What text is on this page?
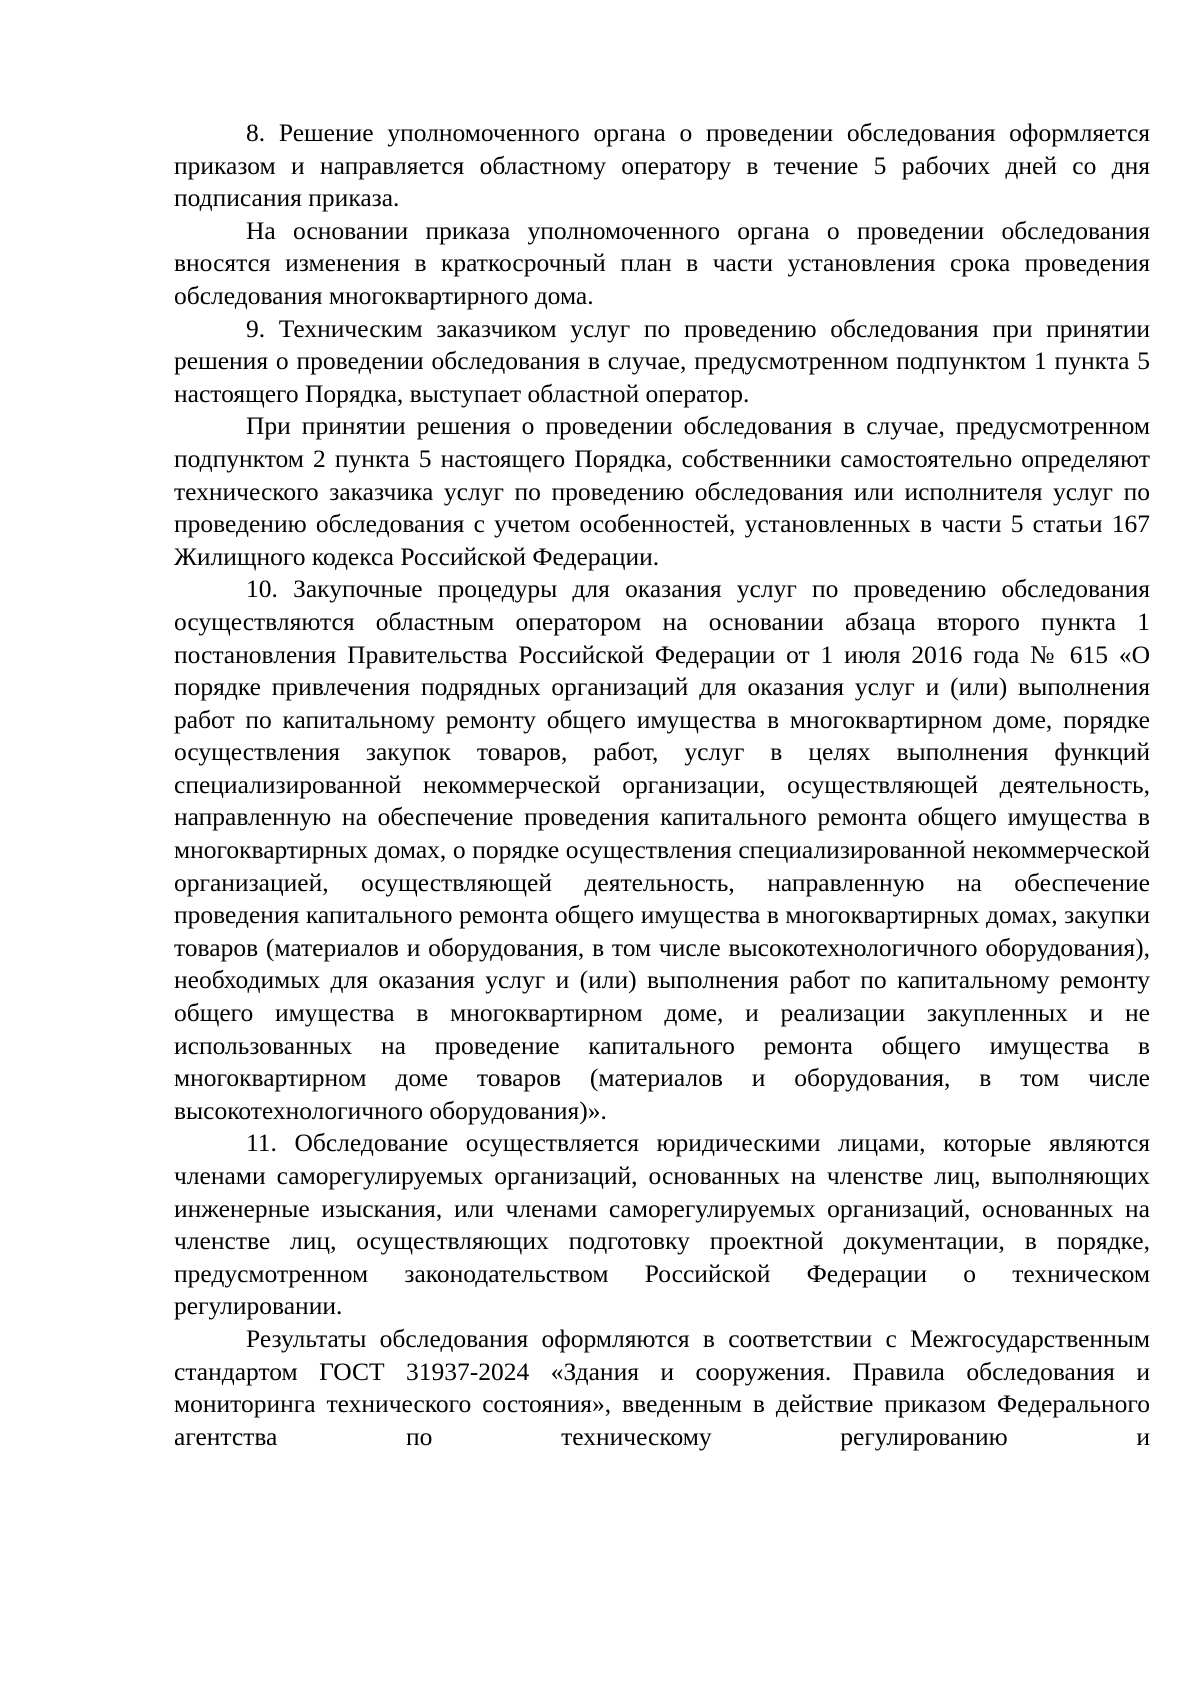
8. Решение уполномоченного органа о проведении обследования оформляется приказом и направляется областному оператору в течение 5 рабочих дней со дня подписания приказа.

На основании приказа уполномоченного органа о проведении обследования вносятся изменения в краткосрочный план в части установления срока проведения обследования многоквартирного дома.

9. Техническим заказчиком услуг по проведению обследования при принятии решения о проведении обследования в случае, предусмотренном подпунктом 1 пункта 5 настоящего Порядка, выступает областной оператор.

При принятии решения о проведении обследования в случае, предусмотренном подпунктом 2 пункта 5 настоящего Порядка, собственники самостоятельно определяют технического заказчика услуг по проведению обследования или исполнителя услуг по проведению обследования с учетом особенностей, установленных в части 5 статьи 167 Жилищного кодекса Российской Федерации.

10. Закупочные процедуры для оказания услуг по проведению обследования осуществляются областным оператором на основании абзаца второго пункта 1 постановления Правительства Российской Федерации от 1 июля 2016 года № 615 «О порядке привлечения подрядных организаций для оказания услуг и (или) выполнения работ по капитальному ремонту общего имущества в многоквартирном доме, порядке осуществления закупок товаров, работ, услуг в целях выполнения функций специализированной некоммерческой организации, осуществляющей деятельность, направленную на обеспечение проведения капитального ремонта общего имущества в многоквартирных домах, о порядке осуществления специализированной некоммерческой организацией, осуществляющей деятельность, направленную на обеспечение проведения капитального ремонта общего имущества в многоквартирных домах, закупки товаров (материалов и оборудования, в том числе высокотехнологичного оборудования), необходимых для оказания услуг и (или) выполнения работ по капитальному ремонту общего имущества в многоквартирном доме, и реализации закупленных и не использованных на проведение капитального ремонта общего имущества в многоквартирном доме товаров (материалов и оборудования, в том числе высокотехнологичного оборудования)».

11. Обследование осуществляется юридическими лицами, которые являются членами саморегулируемых организаций, основанных на членстве лиц, выполняющих инженерные изыскания, или членами саморегулируемых организаций, основанных на членстве лиц, осуществляющих подготовку проектной документации, в порядке, предусмотренном законодательством Российской Федерации о техническом регулировании.

Результаты обследования оформляются в соответствии с Межгосударственным стандартом ГОСТ 31937-2024 «Здания и сооружения. Правила обследования и мониторинга технического состояния», введенным в действие приказом Федерального агентства по техническому регулированию и
